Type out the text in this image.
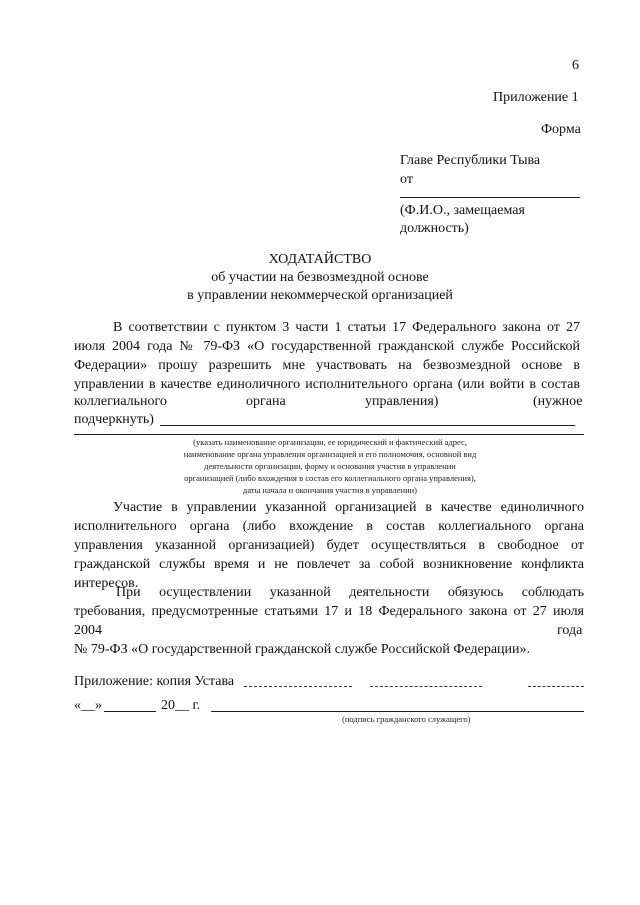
6
Приложение 1
Форма
Главе Республики Тыва
от
(Ф.И.О., замещаемая
должность)
ХОДАТАЙСТВО
об участии на безвозмездной основе
в управлении некоммерческой организацией
В соответствии с пунктом 3 части 1 статьи 17 Федерального закона от 27
июля 2004 года № 79-ФЗ «О государственной гражданской службе Российской
Федерации» прошу разрешить мне участвовать на безвозмездной основе в
управлении в качестве единоличного исполнительного органа (или войти в состав
коллегиального	органа	управления)	(нужное
подчеркнуть)
(указать наименование организации, ее юридический и фактический адрес,
наименование органа управления организацией и его полномочия, основной вид
деятельности организации, форму и основания участия в управлении
организацией (либо вхождения в состав его коллегиального органа управления),
даты начала и окончания участия в управлении)
Участие в управлении указанной организацией в качестве единоличного
исполнительного органа (либо вхождение в состав коллегиального органа
управления указанной организацией) будет осуществляться в свободное от
гражданской службы время и не повлечет за собой возникновение конфликта
интересов.
При осуществлении указанной деятельности обязуюсь соблюдать
требования, предусмотренные статьями 17 и 18 Федерального закона от 27 июля
2004	года
№ 79-ФЗ «О государственной гражданской службе Российской Федерации».
Приложение: копия Устава
«__»	20__ г.
(подпись гражданского служащего)
